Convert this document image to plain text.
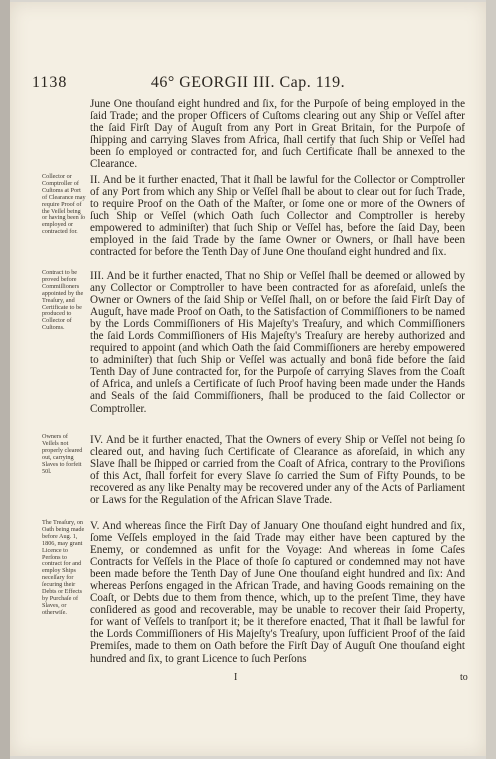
1138	46° GEORGII III. Cap. 119.
June One thouſand eight hundred and ſix, for the Purpoſe of being employed in the ſaid Trade; and the proper Officers of Cuſtoms clearing out any Ship or Veſſel after the ſaid Firſt Day of Auguſt from any Port in Great Britain, for the Purpoſe of ſhipping and carrying Slaves from Africa, ſhall certify that ſuch Ship or Veſſel had been ſo employed or contracted for, and ſuch Certificate ſhall be annexed to the Clearance.
Collector or Comptroller of Cuſtoms at Port of Clearance may require Proof of the Veſſel being or having been ſo employed or contracted for.
II. And be it further enacted, That it ſhall be lawful for the Collector or Comptroller of any Port from which any Ship or Veſſel ſhall be about to clear out for ſuch Trade, to require Proof on the Oath of the Maſter, or ſome one or more of the Owners of ſuch Ship or Veſſel (which Oath ſuch Collector and Comptroller is hereby empowered to adminiſter) that ſuch Ship or Veſſel has, before the ſaid Day, been employed in the ſaid Trade by the ſame Owner or Owners, or ſhall have been contracted for before the Tenth Day of June One thouſand eight hundred and ſix.
Contract to be proved before Commiſſioners appointed by the Treaſury, and Certificate to be produced to Collector of Cuſtoms.
III. And be it further enacted, That no Ship or Veſſel ſhall be deemed or allowed by any Collector or Comptroller to have been contracted for as aforeſaid, unleſs the Owner or Owners of the ſaid Ship or Veſſel ſhall, on or before the ſaid Firſt Day of Auguſt, have made Proof on Oath, to the Satisfaction of Commiſſioners to be named by the Lords Commiſſioners of His Majeſty's Treaſury, and which Commiſſioners the ſaid Lords Commiſſioners of His Majeſty's Treaſury are hereby authorized and required to appoint (and which Oath the ſaid Commiſſioners are hereby empowered to adminiſter) that ſuch Ship or Veſſel was actually and bonâ fide before the ſaid Tenth Day of June contracted for, for the Purpoſe of carrying Slaves from the Coaſt of Africa, and unleſs a Certificate of ſuch Proof having been made under the Hands and Seals of the ſaid Commiſſioners, ſhall be produced to the ſaid Collector or Comptroller.
Owners of Veſſels not properly cleared out, carrying Slaves to forfeit 50l.
IV. And be it further enacted, That the Owners of every Ship or Veſſel not being ſo cleared out, and having ſuch Certificate of Clearance as aforeſaid, in which any Slave ſhall be ſhipped or carried from the Coaſt of Africa, contrary to the Proviſions of this Act, ſhall forfeit for every Slave ſo carried the Sum of Fifty Pounds, to be recovered as any like Penalty may be recovered under any of the Acts of Parliament or Laws for the Regulation of the African Slave Trade.
The Treaſury, on Oath being made before Aug. 1, 1806, may grant Licence to Perſons to contract for and employ Ships neceſſary for ſecuring their Debts or Effects by Purchaſe of Slaves, or otherwiſe.
V. And whereas ſince the Firſt Day of January One thouſand eight hundred and ſix, ſome Veſſels employed in the ſaid Trade may either have been captured by the Enemy, or condemned as unfit for the Voyage: And whereas in ſome Caſes Contracts for Veſſels in the Place of thoſe ſo captured or condemned may not have been made before the Tenth Day of June One thouſand eight hundred and ſix: And whereas Perſons engaged in the African Trade, and having Goods remaining on the Coaſt, or Debts due to them from thence, which, up to the preſent Time, they have conſidered as good and recoverable, may be unable to recover their ſaid Property, for want of Veſſels to tranſport it; be it therefore enacted, That it ſhall be lawful for the Lords Commiſſioners of His Majeſty's Treaſury, upon ſufficient Proof of the ſaid Premiſes, made to them on Oath before the Firſt Day of Auguſt One thouſand eight hundred and ſix, to grant Licence to ſuch Perſons
I	to
